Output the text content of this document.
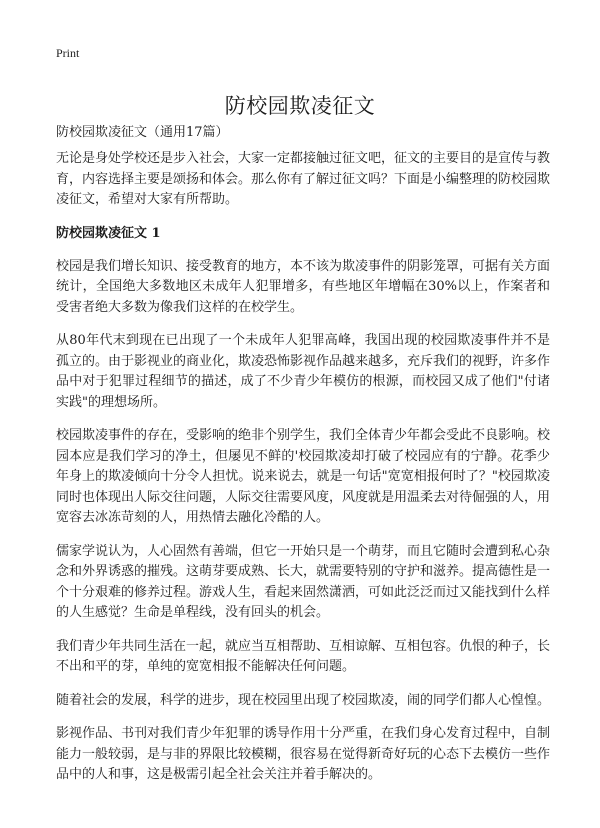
Print
防校园欺凌征文
防校园欺凌征文（通用17篇）

无论是身处学校还是步入社会，大家一定都接触过征文吧，征文的主要目的是宣传与教育，内容选择主要是颂扬和体会。那么你有了解过征文吗？下面是小编整理的防校园欺凌征文，希望对大家有所帮助。

防校园欺凌征文 1

校园是我们增长知识、接受教育的地方，本不该为欺凌事件的阴影笼罩，可据有关方面统计，全国绝大多数地区未成年人犯罪增多，有些地区年增幅在30%以上，作案者和受害者绝大多数为像我们这样的在校学生。

从80年代末到现在已出现了一个未成年人犯罪高峰，我国出现的校园欺凌事件并不是孤立的。由于影视业的商业化，欺凌恐怖影视作品越来越多，充斥我们的视野，许多作品中对于犯罪过程细节的描述，成了不少青少年模仿的根源，而校园又成了他们"付诸实践"的理想场所。

校园欺凌事件的存在，受影响的绝非个别学生，我们全体青少年都会受此不良影响。校园本应是我们学习的净土，但屡见不鲜的'校园欺凌却打破了校园应有的宁静。花季少年身上的欺凌倾向十分令人担忧。说来说去，就是一句话"宽宽相报何时了？"校园欺凌同时也体现出人际交往问题，人际交往需要风度，风度就是用温柔去对待倔强的人，用宽容去冰冻苛刻的人，用热情去融化冷酷的人。

儒家学说认为，人心固然有善端，但它一开始只是一个萌芽，而且它随时会遭到私心杂念和外界诱惑的摧残。这萌芽要成熟、长大，就需要特别的守护和滋养。提高德性是一个十分艰难的修养过程。游戏人生，看起来固然潇洒，可如此泛泛而过又能找到什么样的人生感觉？生命是单程线，没有回头的机会。

我们青少年共同生活在一起，就应当互相帮助、互相谅解、互相包容。仇恨的种子，长不出和平的芽，单纯的宽宽相报不能解决任何问题。

随着社会的发展，科学的进步，现在校园里出现了校园欺凌，闹的同学们都人心惶惶。

影视作品、书刊对我们青少年犯罪的诱导作用十分严重，在我们身心发育过程中，自制能力一般较弱，是与非的界限比较模糊，很容易在觉得新奇好玩的心态下去模仿一些作品中的人和事，这是极需引起全社会关注并着手解决的。
